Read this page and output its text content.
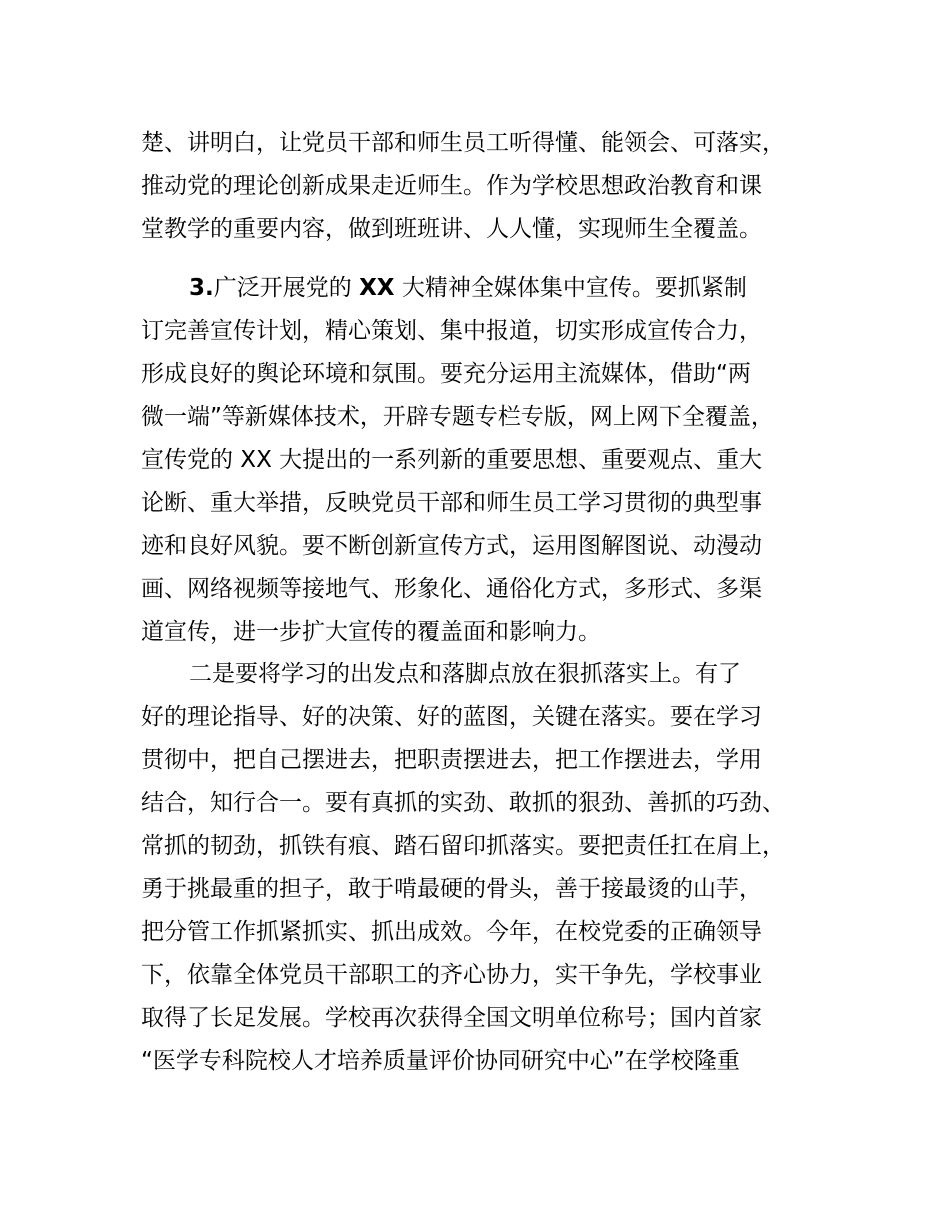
楚、讲明白，让党员干部和师生员工听得懂、能领会、可落实，
推动党的理论创新成果走近师生。作为学校思想政治教育和课
堂教学的重要内容，做到班班讲、人人懂，实现师生全覆盖。
3.广泛开展党的 XX 大精神全媒体集中宣传。要抓紧制
订完善宣传计划，精心策划、集中报道，切实形成宣传合力，
形成良好的舆论环境和氛围。要充分运用主流媒体，借助“两
微一端”等新媒体技术，开辟专题专栏专版，网上网下全覆盖，
宣传党的 XX 大提出的一系列新的重要思想、重要观点、重大
论断、重大举措，反映党员干部和师生员工学习贯彻的典型事
迹和良好风貌。要不断创新宣传方式，运用图解图说、动漫动
画、网络视频等接地气、形象化、通俗化方式，多形式、多渠
道宣传，进一步扩大宣传的覆盖面和影响力。
二是要将学习的出发点和落脚点放在狠抓落实上。有了
好的理论指导、好的决策、好的蓝图，关键在落实。要在学习
贯彻中，把自己摆进去，把职责摆进去，把工作摆进去，学用
结合，知行合一。要有真抓的实劲、敢抓的狠劲、善抓的巧劲、
常抓的韧劲，抓铁有痕、踏石留印抓落实。要把责任扛在肩上，
勇于挑最重的担子，敢于啃最硬的骨头，善于接最烫的山芋，
把分管工作抓紧抓实、抓出成效。今年，在校党委的正确领导
下，依靠全体党员干部职工的齐心协力，实干争先，学校事业
取得了长足发展。学校再次获得全国文明单位称号；国内首家
“医学专科院校人才培养质量评价协同研究中心”在学校隆重
